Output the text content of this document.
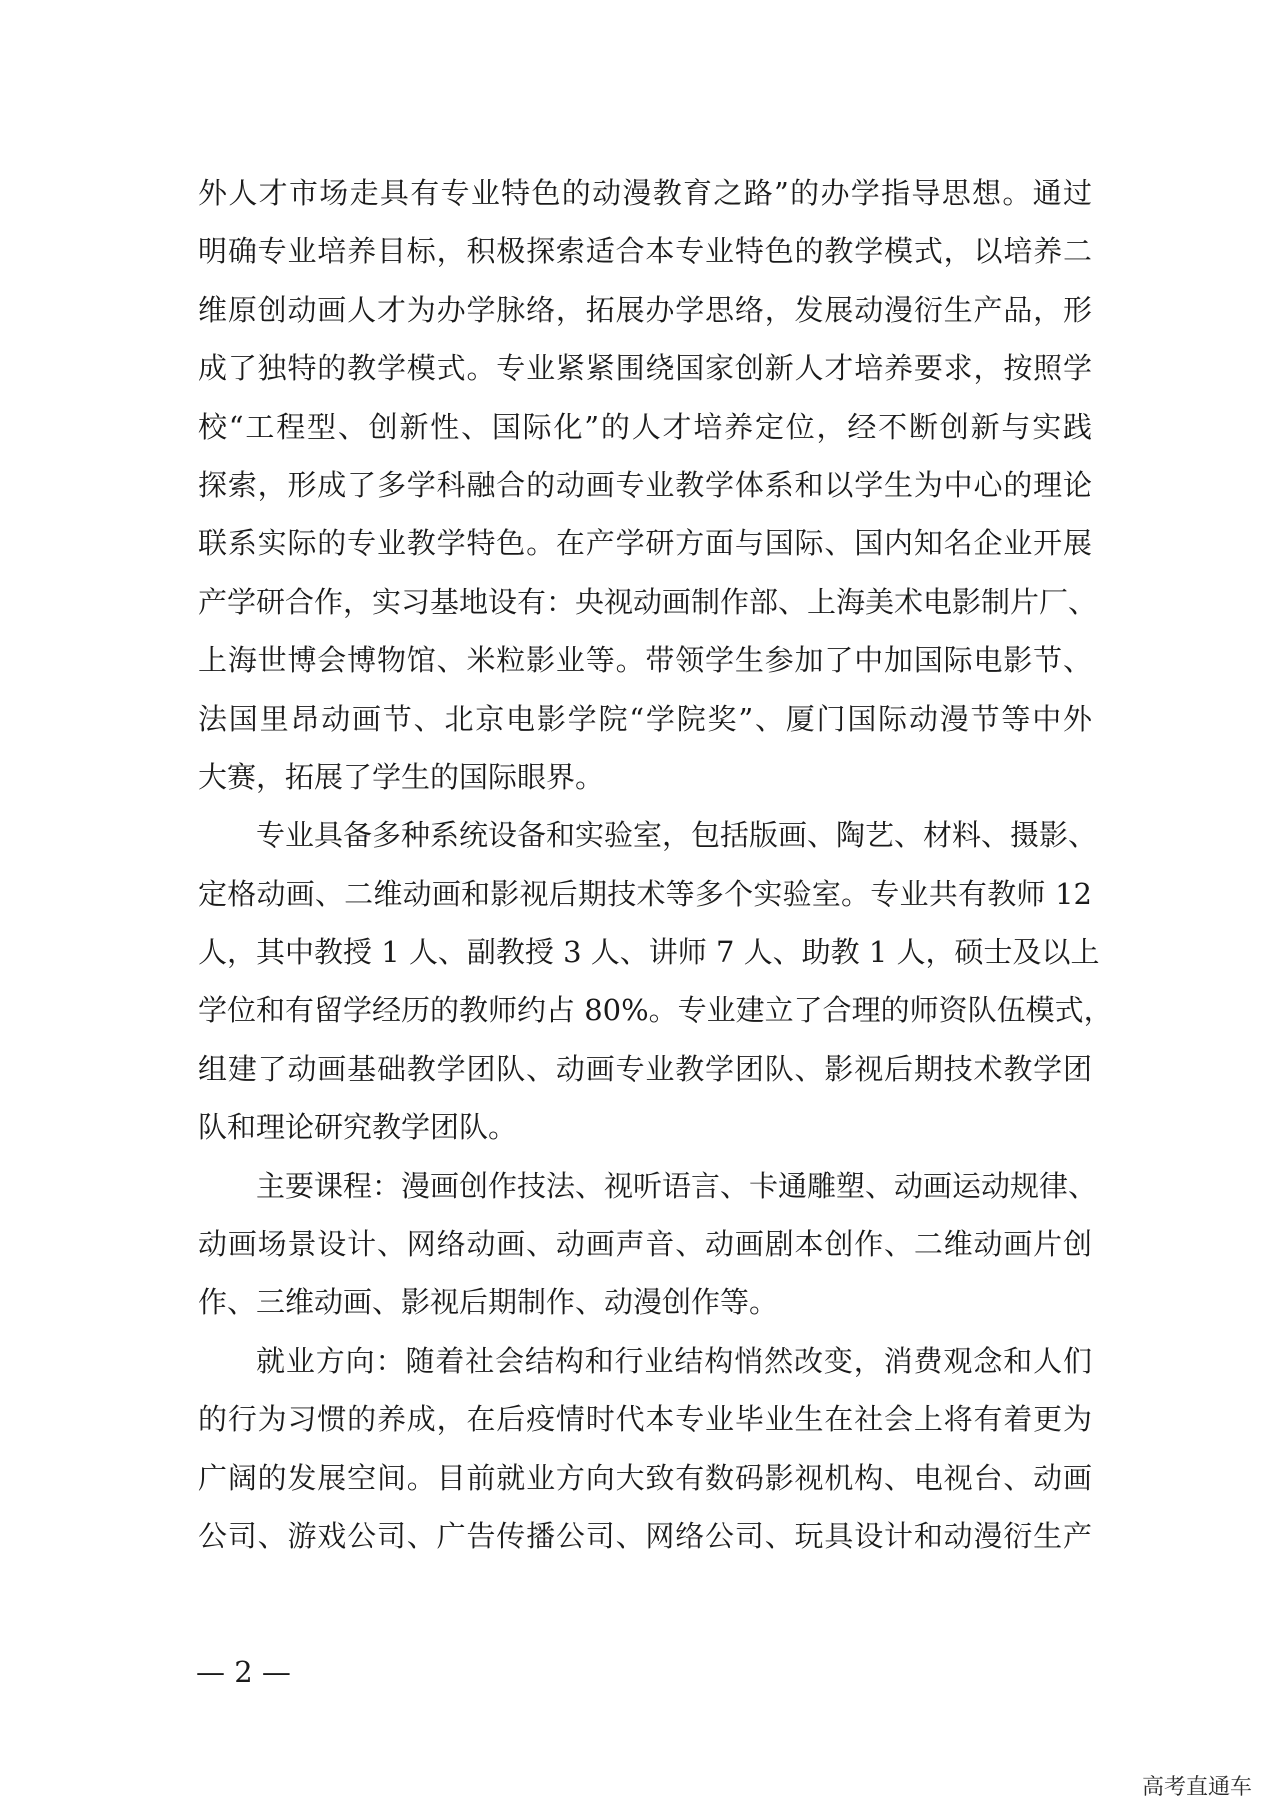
外人才市场走具有专业特色的动漫教育之路”的办学指导思想。通过
明确专业培养目标，积极探索适合本专业特色的教学模式，以培养二
维原创动画人才为办学脉络，拓展办学思络，发展动漫衍生产品，形
成了独特的教学模式。专业紧紧围绕国家创新人才培养要求，按照学
校“工程型、创新性、国际化”的人才培养定位，经不断创新与实践
探索，形成了多学科融合的动画专业教学体系和以学生为中心的理论
联系实际的专业教学特色。在产学研方面与国际、国内知名企业开展
产学研合作，实习基地设有：央视动画制作部、上海美术电影制片厂、
上海世博会博物馆、米粒影业等。带领学生参加了中加国际电影节、
法国里昂动画节、北京电影学院“学院奖”、厦门国际动漫节等中外
大赛，拓展了学生的国际眼界。
专业具备多种系统设备和实验室，包括版画、陶艺、材料、摄影、
定格动画、二维动画和影视后期技术等多个实验室。专业共有教师 12
人，其中教授 1 人、副教授 3 人、讲师 7 人、助教 1 人，硕士及以上
学位和有留学经历的教师约占 80%。专业建立了合理的师资队伍模式，
组建了动画基础教学团队、动画专业教学团队、影视后期技术教学团
队和理论研究教学团队。
主要课程：漫画创作技法、视听语言、卡通雕塑、动画运动规律、
动画场景设计、网络动画、动画声音、动画剧本创作、二维动画片创
作、三维动画、影视后期制作、动漫创作等。
就业方向：随着社会结构和行业结构悄然改变，消费观念和人们
的行为习惯的养成，在后疫情时代本专业毕业生在社会上将有着更为
广阔的发展空间。目前就业方向大致有数码影视机构、电视台、动画
公司、游戏公司、广告传播公司、网络公司、玩具设计和动漫衍生产
— 2 —
高考直通车
